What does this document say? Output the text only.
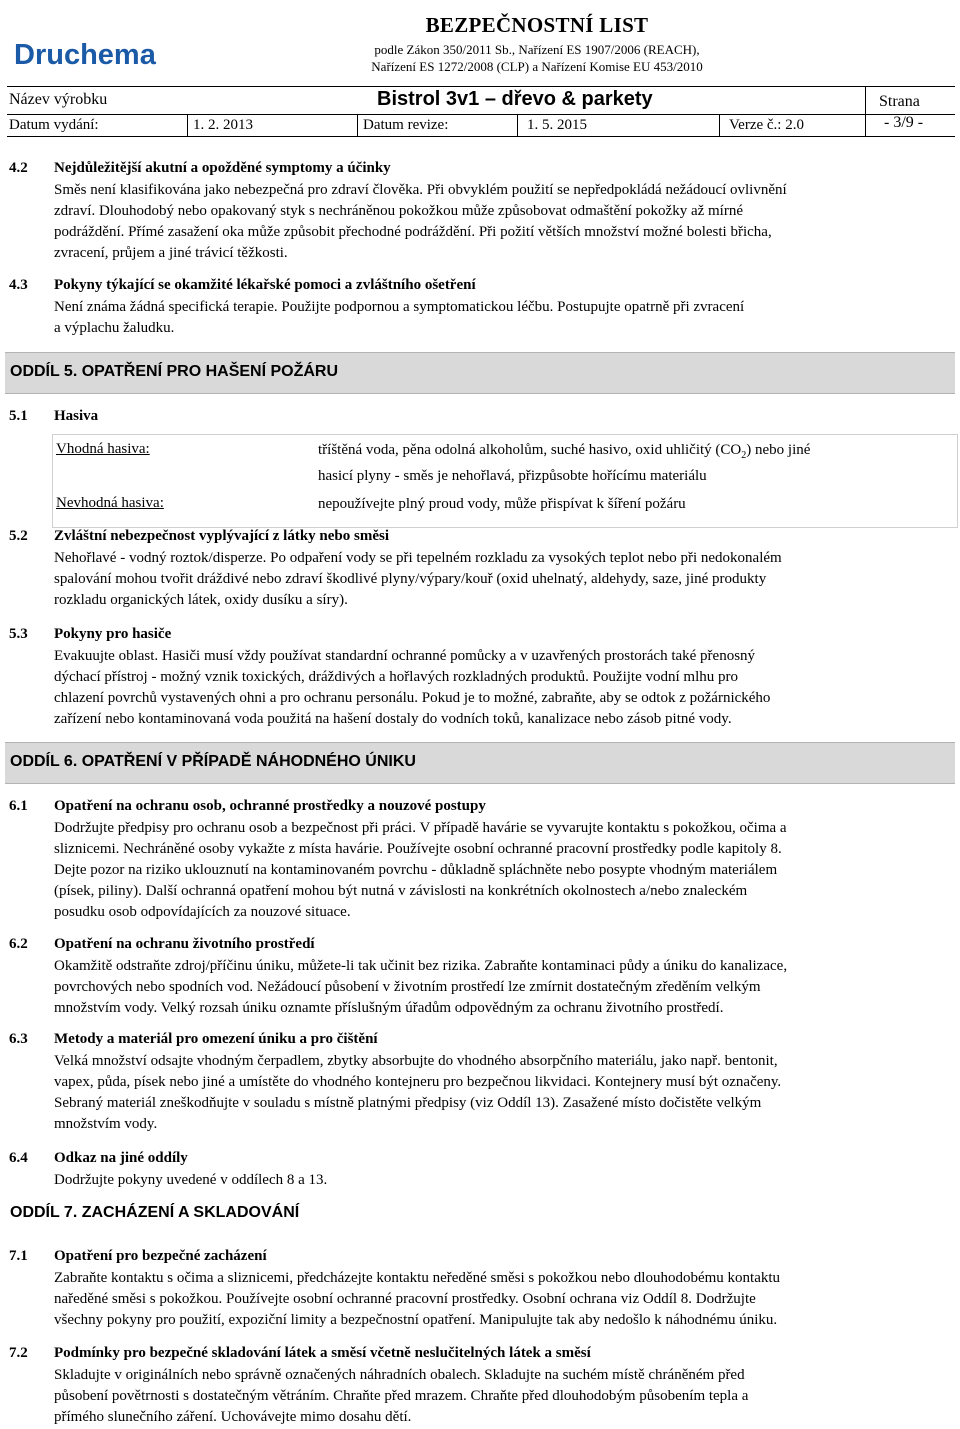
Druchema
BEZPEČNOSTNÍ LIST
podle Zákon 350/2011 Sb., Nařízení ES 1907/2006 (REACH),
Nařízení ES 1272/2008 (CLP) a Nařízení Komise EU 453/2010
Název výrobku	Bistrol 3v1 – dřevo & parkety
Datum vydání:	1. 2. 2013	Datum revize:	1. 5. 2015	Verze č.: 2.0
Strana
- 3/9 -
4.2 Nejdůležitější akutní a opožděné symptomy a účinky

Směs není klasifikována jako nebezpečná pro zdraví člověka. Při obvyklém použití se nepředpokládá nežádoucí ovlivnění

zdraví. Dlouhodobý nebo opakovaný styk s nechráněnou pokožkou může způsobovat odmaštění pokožky až mírné

podráždění. Přímé zasažení oka může způsobit přechodné podráždění. Při požití větších množství možné bolesti břicha,

zvracení, průjem a jiné trávicí těžkosti.

4.3 Pokyny týkající se okamžité lékařské pomoci a zvláštního ošetření

Není známa žádná specifická terapie. Použijte podpornou a symptomatickou léčbu. Postupujte opatrně při zvracení

a výplachu žaludku.

ODDÍL 5. OPATŘENÍ PRO HAŠENÍ POŽÁRU
5.1 Hasiva
Vhodná hasiva:	tříštěná voda, pěna odolná alkoholům, suché hasivo, oxid uhličitý $(CO_2)$ nebo jiné
hasicí plyny - směs je nehořlavá, přizpůsobte hořícímu materiálu
Nevhodná hasiva:	nepoužívejte plný proud vody, může přispívat k šíření požáru
5.2 Zvláštní nebezpečnost vyplývající z látky nebo směsi

Nehořlavé - vodný roztok/disperze. Po odpaření vody se při tepelném rozkladu za vysokých teplot nebo při nedokonalém

spalování mohou tvořit dráždivé nebo zdraví škodlivé plyny/výpary/kouř (oxid uhelnatý, aldehydy, saze, jiné produkty

rozkladu organických látek, oxidy dusíku a síry).

5.3 Pokyny pro hasiče

Evakuujte oblast. Hasiči musí vždy používat standardní ochranné pomůcky a v uzavřených prostorách také přenosný

dýchací přístroj - možný vznik toxických, dráždivých a hořlavých rozkladných produktů. Použijte vodní mlhu pro

chlazení povrchů vystavených ohni a pro ochranu personálu. Pokud je to možné, zabraňte, aby se odtok z požárnického

zařízení nebo kontaminovaná voda použitá na hašení dostaly do vodních toků, kanalizace nebo zásob pitné vody.

ODDÍL 6. OPATŘENÍ V PŘÍPADĚ NÁHODNÉHO ÚNIKU
6.1 Opatření na ochranu osob, ochranné prostředky a nouzové postupy

Dodržujte předpisy pro ochranu osob a bezpečnost při práci. V případě havárie se vyvarujte kontaktu s pokožkou, očima a

sliznicemi. Nechráněné osoby vykažte z místa havárie. Používejte osobní ochranné pracovní prostředky podle kapitoly 8.

Dejte pozor na riziko uklouznutí na kontaminovaném povrchu - důkladně spláchněte nebo posypte vhodným materiálem

(písek, piliny). Další ochranná opatření mohou být nutná v závislosti na konkrétních okolnostech a/nebo znaleckém

posudku osob odpovídajících za nouzové situace.

6.2 Opatření na ochranu životního prostředí

Okamžitě odstraňte zdroj/příčinu úniku, můžete-li tak učinit bez rizika. Zabraňte kontaminaci půdy a úniku do kanalizace,

povrchových nebo spodních vod. Nežádoucí působení v životním prostředí lze zmírnit dostatečným zředěním velkým

množstvím vody. Velký rozsah úniku oznamte příslušným úřadům odpovědným za ochranu životního prostředí.

6.3 Metody a materiál pro omezení úniku a pro čištění

Velká množství odsajte vhodným čerpadlem, zbytky absorbujte do vhodného absorpčního materiálu, jako např. bentonit,

vapex, půda, písek nebo jiné a umístěte do vhodného kontejneru pro bezpečnou likvidaci. Kontejnery musí být označeny.

Sebraný materiál zneškodňujte v souladu s místně platnými předpisy (viz Oddíl 13). Zasažené místo dočistěte velkým

množstvím vody.

6.4 Odkaz na jiné oddíly

Dodržujte pokyny uvedené v oddílech 8 a 13.

ODDÍL 7. ZACHÁZENÍ A SKLADOVÁNÍ
7.1 Opatření pro bezpečné zacházení

Zabraňte kontaktu s očima a sliznicemi, předcházejte kontaktu neředěné směsi s pokožkou nebo dlouhodobému kontaktu

naředěné směsi s pokožkou. Používejte osobní ochranné pracovní prostředky. Osobní ochrana viz Oddíl 8. Dodržujte

všechny pokyny pro použití, expoziční limity a bezpečnostní opatření. Manipulujte tak aby nedošlo k náhodnému úniku.

7.2 Podmínky pro bezpečné skladování látek a směsí včetně neslučitelných látek a směsí

Skladujte v originálních nebo správně označených náhradních obalech. Skladujte na suchém místě chráněném před

působení povětrnosti s dostatečným větráním. Chraňte před mrazem. Chraňte před dlouhodobým působením tepla a

přímého slunečního záření. Uchovávejte mimo dosahu dětí.
